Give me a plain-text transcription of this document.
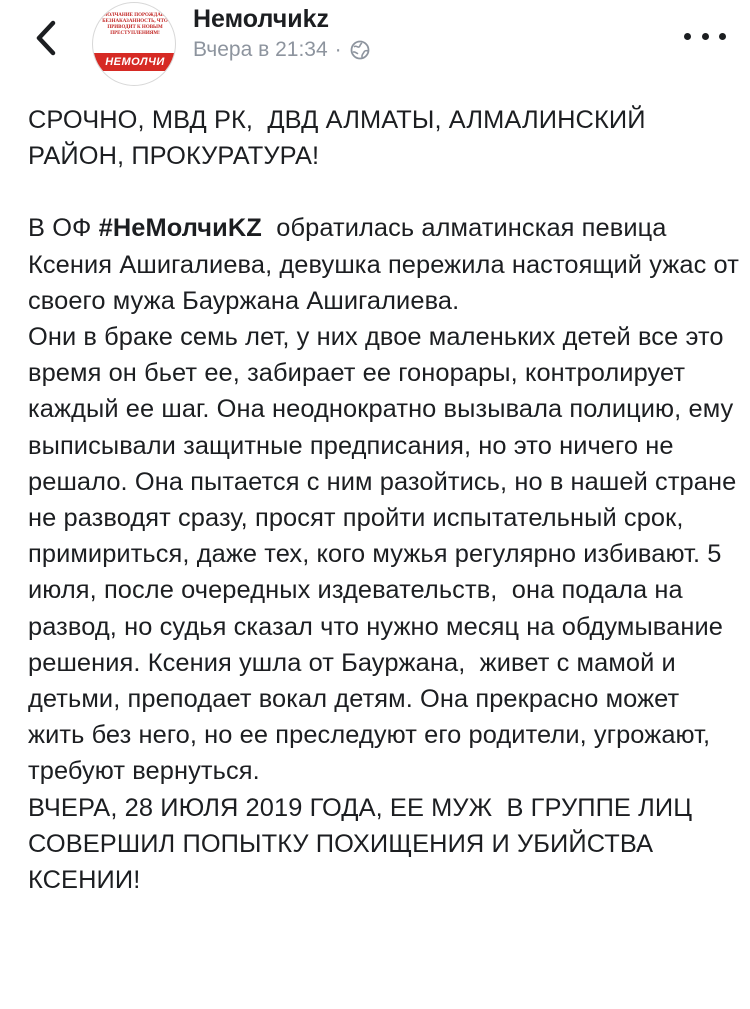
МОЛЧАНИЕ ПОРОЖДАЕТ БЕЗНАКАЗАННОСТЬ, ЧТО ПРИВОДИТ К НОВЫМ ПРЕСТУПЛЕНИЯМ!
НЕМОЛЧИ
Немолчиkz
Вчера в 21:34 ·

СРОЧНО, МВД РК,  ДВД АЛМАТЫ, АЛМАЛИНСКИЙ РАЙОН, ПРОКУРАТУРА!

В ОФ #НеМолчиKZ  обратилась алматинская певица Ксения Ашигалиева, девушка пережила настоящий ужас от своего мужа Бауржана Ашигалиева.

Они в браке семь лет, у них двое маленьких детей все это время он бьет ее, забирает ее гонорары, контролирует каждый ее шаг. Она неоднократно вызывала полицию, ему выписывали защитные предписания, но это ничего не решало. Она пытается с ним разойтись, но в нашей стране не разводят сразу, просят пройти испытательный срок, примириться, даже тех, кого мужья регулярно избивают. 5 июля, после очередных издевательств,  она подала на развод, но судья сказал что нужно месяц на обдумывание решения. Ксения ушла от Бауржана,  живет с мамой и детьми, преподает вокал детям. Она прекрасно может жить без него, но ее преследуют его родители, угрожают, требуют вернуться.

ВЧЕРА, 28 ИЮЛЯ 2019 ГОДА, ЕЕ МУЖ  В ГРУППЕ ЛИЦ СОВЕРШИЛ ПОПЫТКУ ПОХИЩЕНИЯ И УБИЙСТВА КСЕНИИ!
